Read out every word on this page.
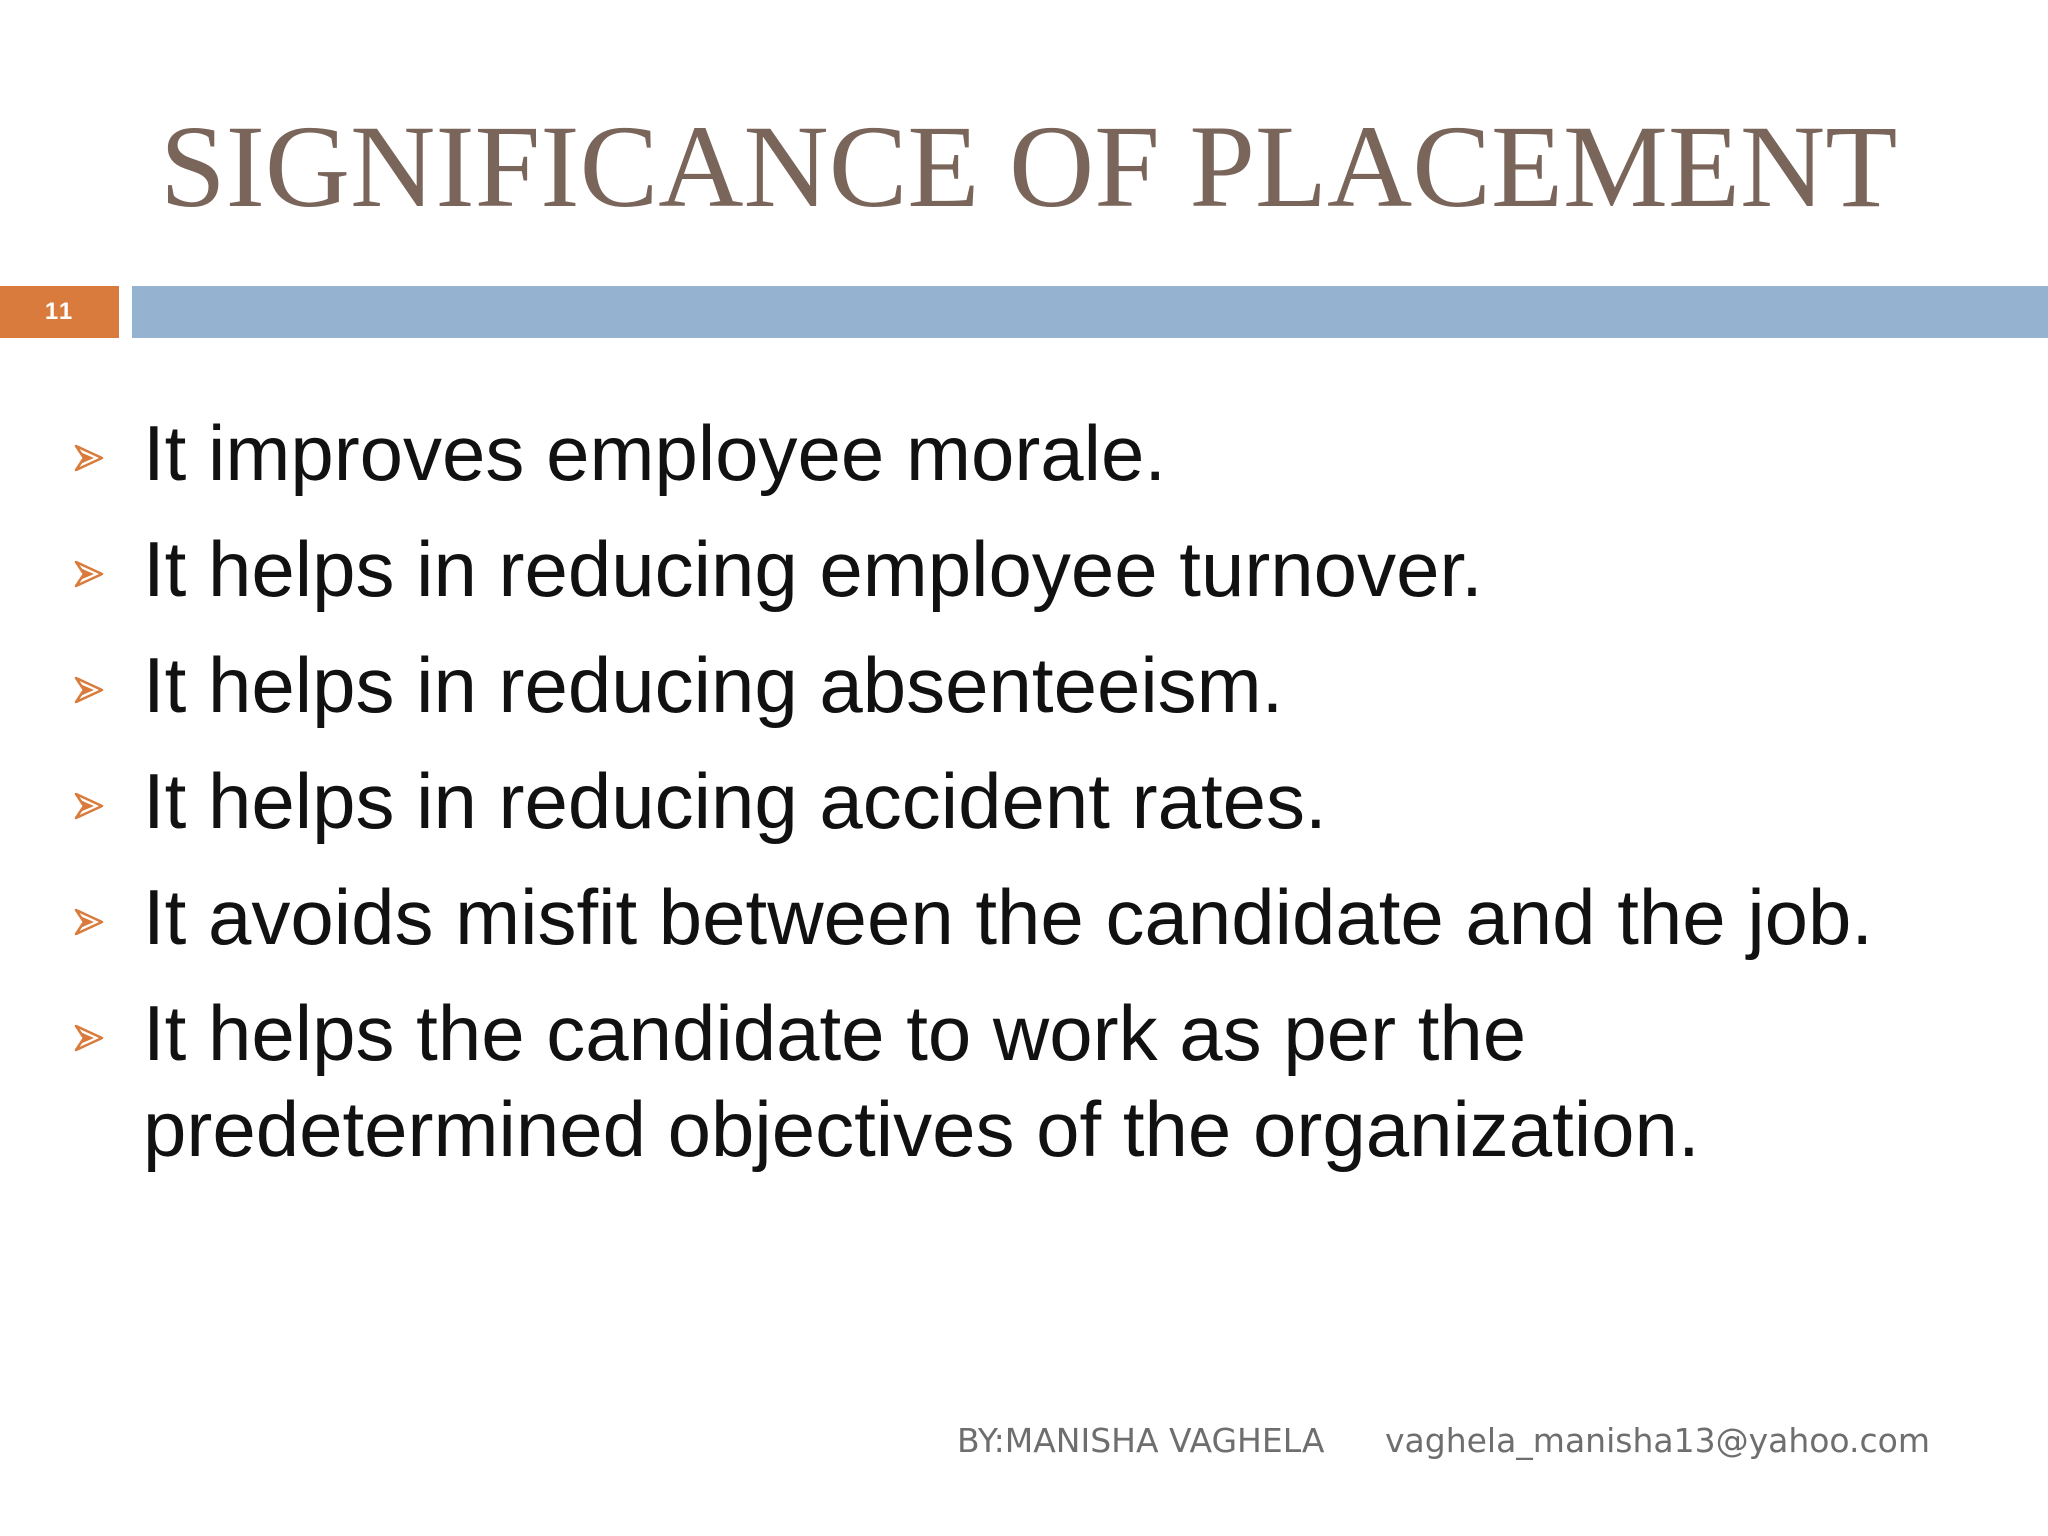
SIGNIFICANCE OF PLACEMENT
11
It improves employee morale.
It helps in reducing employee turnover.
It helps in reducing absenteeism.
It helps in reducing accident rates.
It avoids misfit between the candidate and the job.
It helps the candidate to work as per the
predetermined objectives of the organization.
BY:MANISHA VAGHELA vaghela_manisha13@yahoo.com
